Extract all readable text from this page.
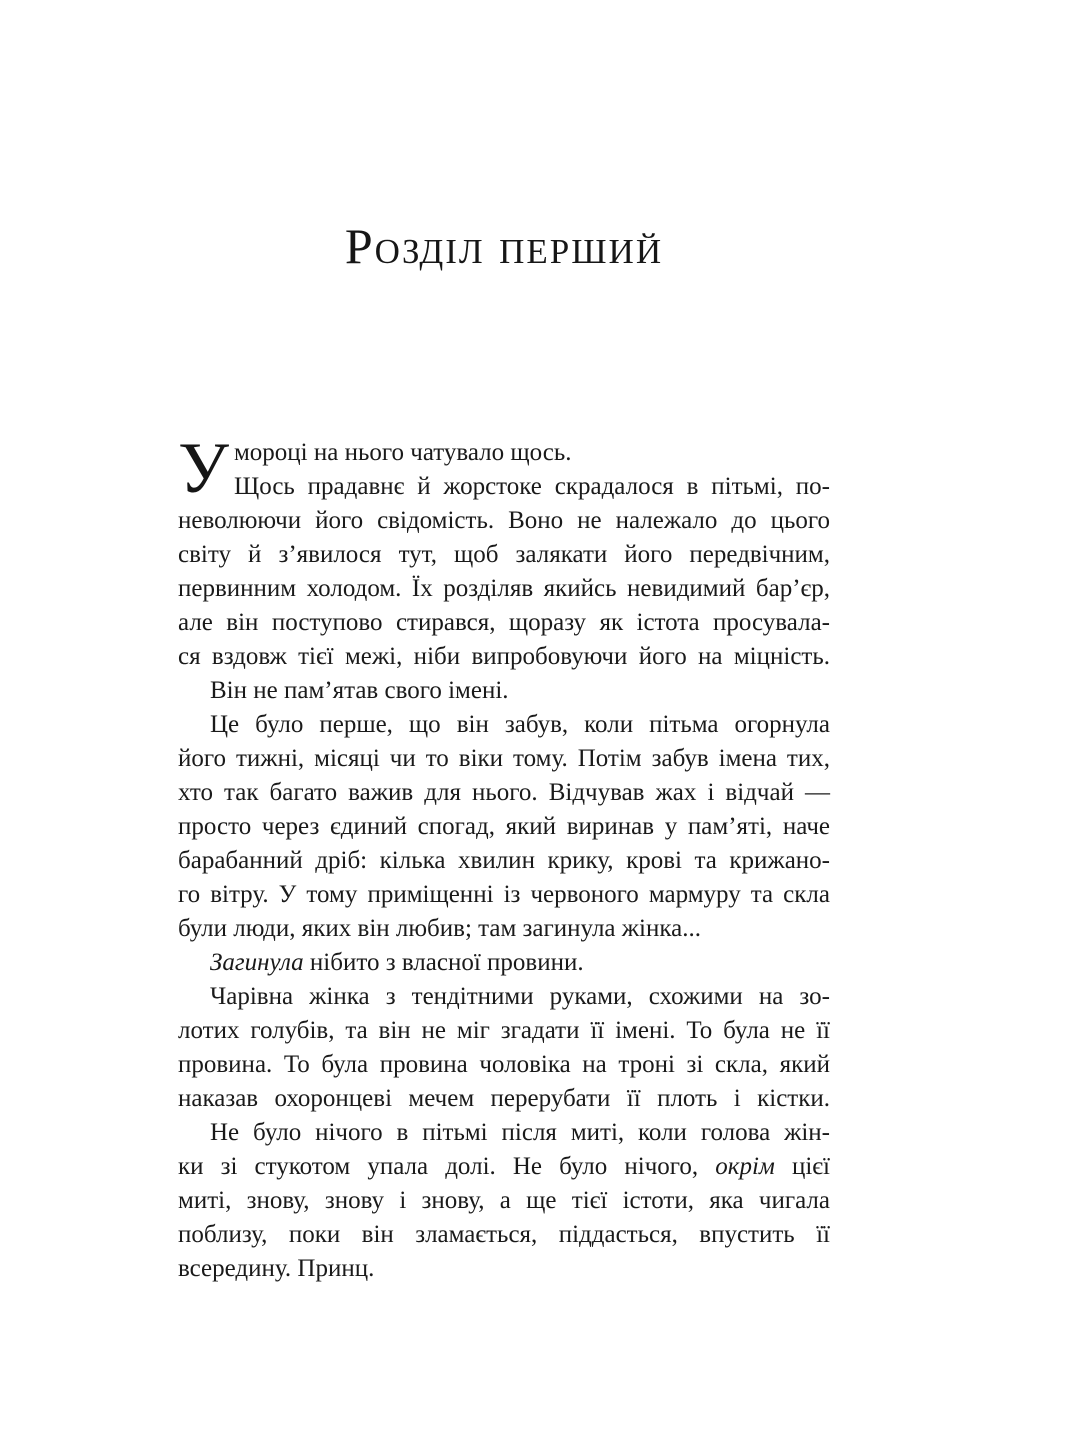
Розділ перший
У мороці на нього чатувало щось.
Щось прадавнє й жорстоке скрадалося в пітьмі, по-
неволюючи його свідомість. Воно не належало до цього
світу й з’явилося тут, щоб залякати його передвічним,
первинним холодом. Їх розділяв якийсь невидимий бар’єр,
але він поступово стирався, щоразу як істота просувала-
ся вздовж тієї межі, ніби випробовуючи його на міцність.
Він не пам’ятав свого імені.
Це було перше, що він забув, коли пітьма огорнула
його тижні, місяці чи то віки тому. Потім забув імена тих,
хто так багато важив для нього. Відчував жах і відчай —
просто через єдиний спогад, який виринав у пам’яті, наче
барабанний дріб: кілька хвилин крику, крові та крижано-
го вітру. У тому приміщенні із червоного мармуру та скла
були люди, яких він любив; там загинула жінка...
Загинула нібито з власної провини.
Чарівна жінка з тендітними руками, схожими на зо-
лотих голубів, та він не міг згадати її імені. То була не її
провина. То була провина чоловіка на троні зі скла, який
наказав охоронцеві мечем перерубати її плоть і кістки.
Не було нічого в пітьмі після миті, коли голова жін-
ки зі стукотом упала долі. Не було нічого, окрім цієї
миті, знову, знову і знову, а ще тієї істоти, яка чигала
поблизу, поки він зламається, піддасться, впустить її
всередину. Принц.
